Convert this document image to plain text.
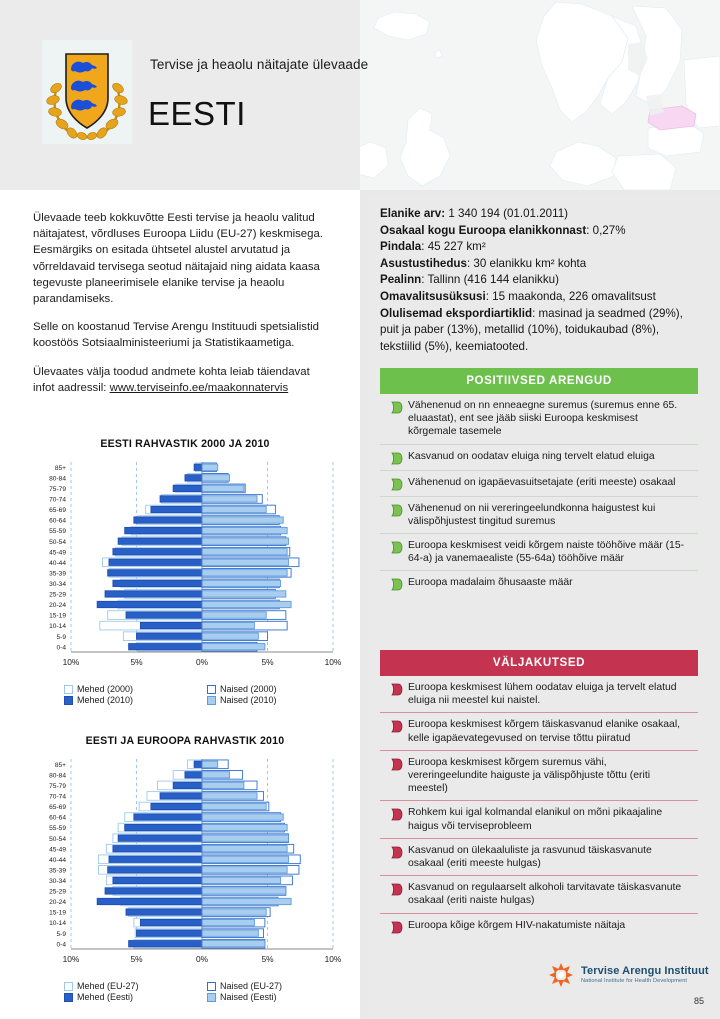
Tervise ja heaolu näitajate ülevaade
EESTI

Ülevaade teeb kokkuvõtte Eesti tervise ja heaolu valitud näitajatest, võrdluses Euroopa Liidu (EU-27) keskmisega. Eesmärgiks on esitada ühtsetel alustel arvutatud ja võrreldavaid tervisega seotud näitajaid ning aidata kaasa tegevuste planeerimisele elanike tervise ja heaolu parandamiseks.

Selle on koostanud Tervise Arengu Instituudi spetsialistid koostöös Sotsiaalministeeriumi ja Statistikaametiga.

Ülevaates välja toodud andmete kohta leiab täiendavat infot aadressil: www.terviseinfo.ee/maakonnatervis

EESTI RAHVASTIK 2000 JA 2010
0-4
5-9
10-14
15-19
20-24
25-29
30-34
35-39
40-44
45-49
50-54
55-59
60-64
65-69
70-74
75-79
80-84
85+
10%	5%	0%	5%	10%
Mehed (2000)	Naised (2000)
Mehed (2010)	Naised (2010)
EESTI JA EUROOPA RAHVASTIK 2010
0-4
5-9
10-14
15-19
20-24
25-29
30-34
35-39
40-44
45-49
50-54
55-59
60-64
65-69
70-74
75-79
80-84
85+
10%	5%	0%	5%	10%
Mehed (EU-27)	Naised (EU-27)
Mehed (Eesti)	Naised (Eesti)
Elanike arv: 1 340 194 (01.01.2011)
Osakaal kogu Euroopa elanikkonnast: 0,27%
Pindala: 45 227 km²
Asustustihedus: 30 elanikku km² kohta
Pealinn: Tallinn (416 144 elanikku)
Omavalitsusüksusi: 15 maakonda, 226 omavalitsust
Olulisemad ekspordiartiklid: masinad ja seadmed (29%), puit ja paber (13%), metallid (10%), toidukaubad (8%), tekstiilid (5%), keemiatooted.
POSITIIVSED ARENGUD
Vähenenud on nn enneaegne suremus (suremus enne 65. eluaastat), ent see jääb siiski Euroopa keskmisest kõrgemale tasemele
Kasvanud on oodatav eluiga ning tervelt elatud eluiga
Vähenenud on igapäevasuitsetajate (eriti meeste) osakaal
Vähenenud on nii vereringeelundkonna haigustest kui välispõhjustest tingitud suremus
Euroopa keskmisest veidi kõrgem naiste tööhõive määr (15-64-a) ja vanemaealiste (55-64a) tööhõive määr
Euroopa madalaim õhusaaste määr
VÄLJAKUTSED
Euroopa keskmisest lühem oodatav eluiga ja tervelt elatud eluiga nii meestel kui naistel.
Euroopa keskmisest kõrgem täiskasvanud elanike osakaal, kelle igapäevategevused on tervise tõttu piiratud
Euroopa keskmisest kõrgem suremus vähi, vereringeelundite haiguste ja välispõhjuste tõttu (eriti meestel)
Rohkem kui igal kolmandal elanikul on mõni pikaajaline haigus või terviseprobleem
Kasvanud on ülekaaluliste ja rasvunud täiskasvanute osakaal (eriti meeste hulgas)
Kasvanud on regulaarselt alkoholi tarvitavate täiskasvanute osakaal (eriti naiste hulgas)
Euroopa kõige kõrgem HIV-nakatumiste näitaja
Tervise Arengu Instituut
National Institute for Health Development
85
